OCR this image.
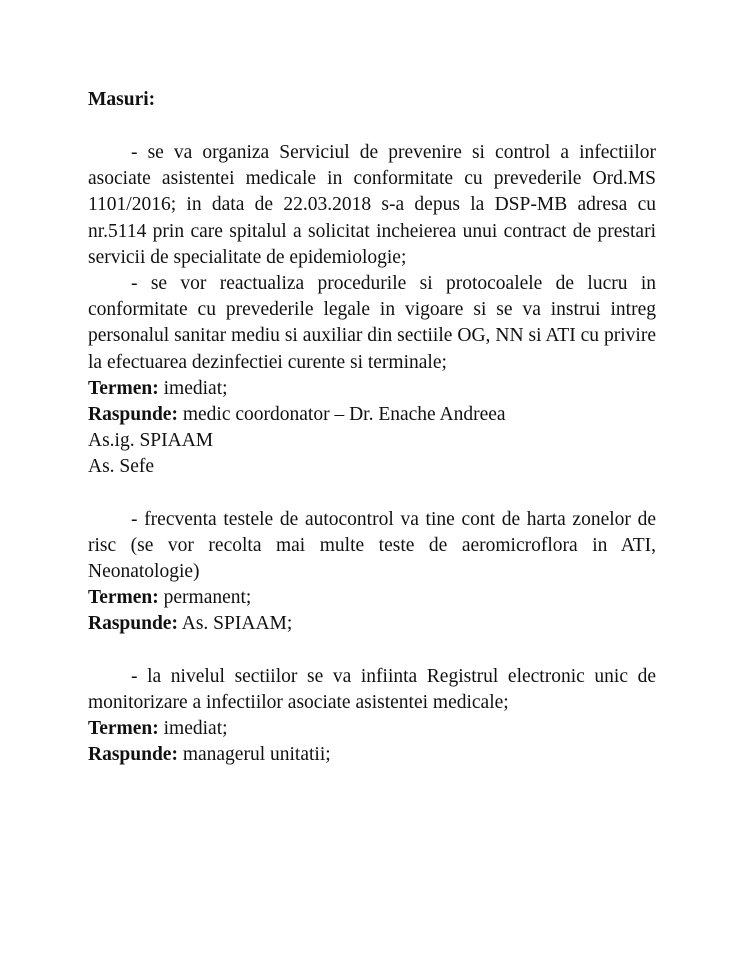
Masuri:

- se va organiza Serviciul de prevenire si control a infectiilor asociate asistentei medicale in conformitate cu prevederile Ord.MS 1101/2016; in data de 22.03.2018 s-a depus la DSP-MB adresa cu nr.5114 prin care spitalul a solicitat incheierea unui contract de prestari servicii de specialitate de epidemiologie;

- se vor reactualiza procedurile si protocoalele de lucru in conformitate cu prevederile legale in vigoare si se va instrui intreg personalul sanitar mediu si auxiliar din sectiile OG, NN si ATI cu privire la efectuarea dezinfectiei curente si terminale;

Termen: imediat;

Raspunde: medic coordonator – Dr. Enache Andreea

As.ig. SPIAAM

As. Sefe

- frecventa testele de autocontrol va tine cont de harta zonelor de risc (se vor recolta mai multe teste de aeromicroflora in ATI, Neonatologie)

Termen: permanent;

Raspunde: As. SPIAAM;

- la nivelul sectiilor se va infiinta Registrul electronic unic de monitorizare a infectiilor asociate asistentei medicale;

Termen: imediat;

Raspunde: managerul unitatii;
